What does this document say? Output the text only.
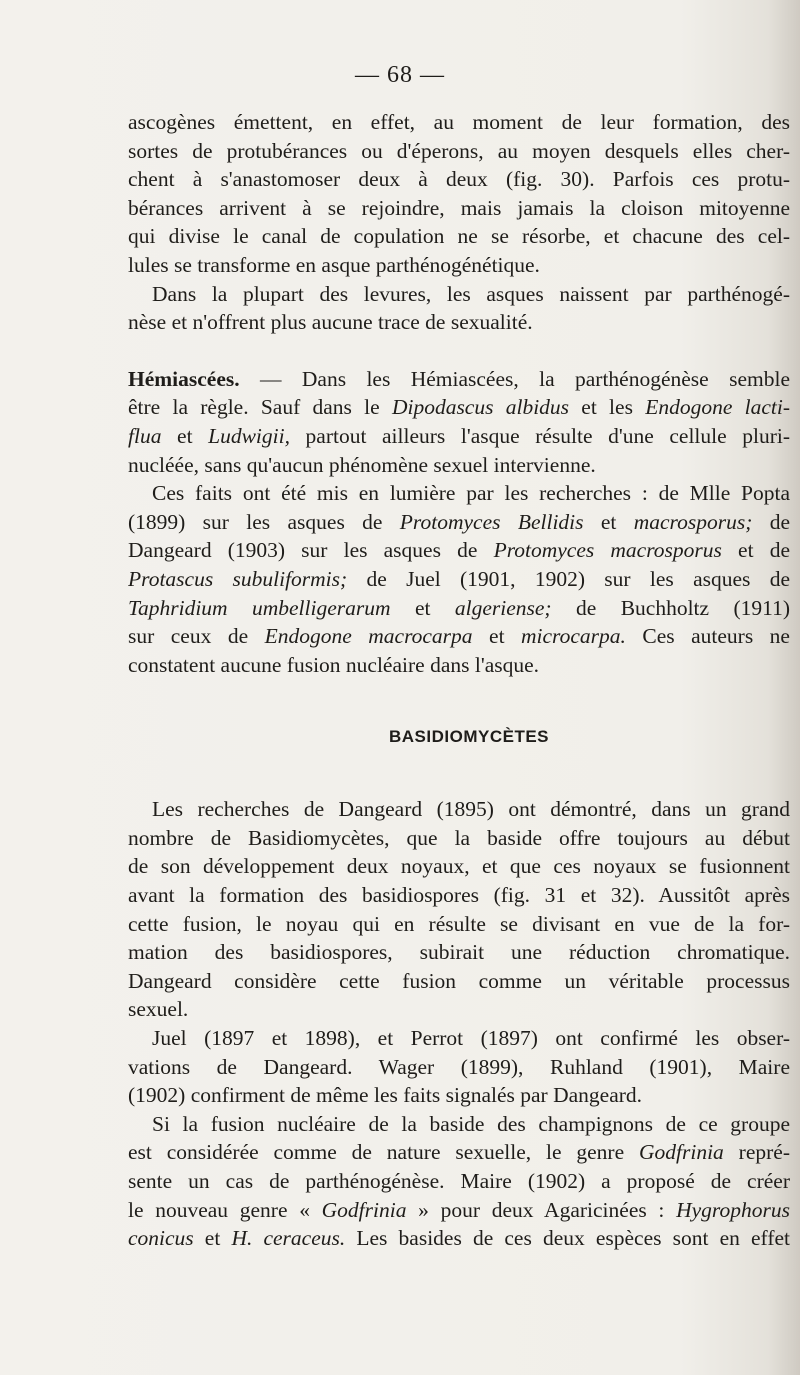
— 68 —
ascogènes émettent, en effet, au moment de leur formation, des
sortes de protubérances ou d'éperons, au moyen desquels elles cher-
chent à s'anastomoser deux à deux (fig. 30). Parfois ces protu-
bérances arrivent à se rejoindre, mais jamais la cloison mitoyenne
qui divise le canal de copulation ne se résorbe, et chacune des cel-
lules se transforme en asque parthénogénétique.
Dans la plupart des levures, les asques naissent par parthénogé-
nèse et n'offrent plus aucune trace de sexualité.
Hémiascées. — Dans les Hémiascées, la parthénogénèse semble
être la règle. Sauf dans le Dipodascus albidus et les Endogone lacti-
flua et Ludwigii, partout ailleurs l'asque résulte d'une cellule pluri-
nucléée, sans qu'aucun phénomène sexuel intervienne.
Ces faits ont été mis en lumière par les recherches : de Mlle Popta
(1899) sur les asques de Protomyces Bellidis et macrosporus; de
Dangeard (1903) sur les asques de Protomyces macrosporus et de
Protascus subuliformis; de Juel (1901, 1902) sur les asques de
Taphridium umbelligerarum et algeriense; de Buchholtz (1911)
sur ceux de Endogone macrocarpa et microcarpa. Ces auteurs ne
constatent aucune fusion nucléaire dans l'asque.
BASIDIOMYCÈTES
Les recherches de Dangeard (1895) ont démontré, dans un grand
nombre de Basidiomycètes, que la baside offre toujours au début
de son développement deux noyaux, et que ces noyaux se fusionnent
avant la formation des basidiospores (fig. 31 et 32). Aussitôt après
cette fusion, le noyau qui en résulte se divisant en vue de la for-
mation des basidiospores, subirait une réduction chromatique.
Dangeard considère cette fusion comme un véritable processus
sexuel.
Juel (1897 et 1898), et Perrot (1897) ont confirmé les obser-
vations de Dangeard. Wager (1899), Ruhland (1901), Maire
(1902) confirment de même les faits signalés par Dangeard.
Si la fusion nucléaire de la baside des champignons de ce groupe
est considérée comme de nature sexuelle, le genre Godfrinia repré-
sente un cas de parthénogénèse. Maire (1902) a proposé de créer
le nouveau genre « Godfrinia » pour deux Agaricinées : Hygrophorus
conicus et H. ceraceus. Les basides de ces deux espèces sont en effet
